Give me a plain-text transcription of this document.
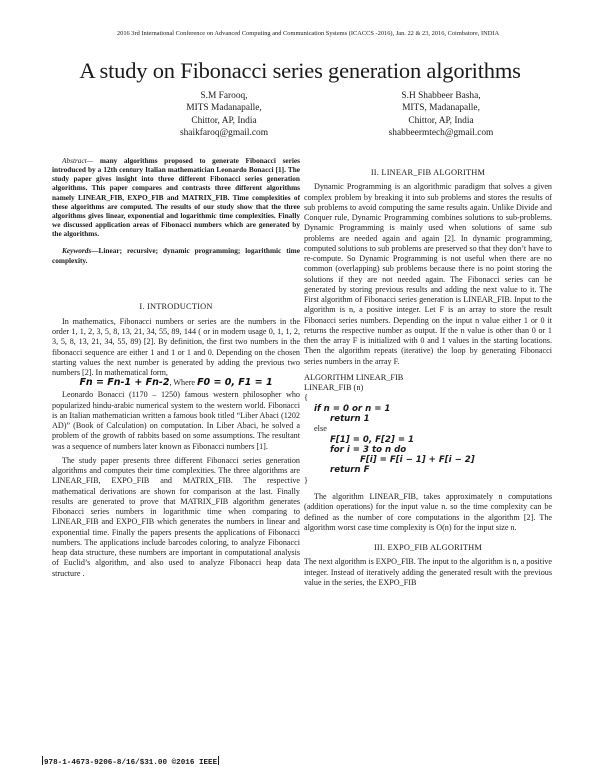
2016 3rd International Conference on Advanced Computing and Communication Systems (ICACCS -2016), Jan. 22 & 23, 2016, Coimbatore, INDIA
A study on Fibonacci series generation algorithms
S.M Farooq,
MITS Madanapalle,
Chittor, AP, India
shaikfaroq@gmail.com
S.H Shabbeer Basha,
MITS, Madanapalle,
Chittor, AP, India
shabbeermtech@gmail.com

Abstract— many algorithms proposed to generate Fibonacci series introduced by a 12th century Italian mathematician Leonardo Bonacci [1]. The study paper gives insight into three different Fibonacci series generation algorithms. This paper compares and contrasts three different algorithms namely LINEAR_FIB, EXPO_FIB and MATRIX_FIB. Time complexities of these algorithms are computed. The results of our study show that the three algorithms gives linear, exponential and logarithmic time complexities. Finally we discussed application areas of Fibonacci numbers which are generated by the algorithms.

Keywords—Linear; recursive; dynamic programming; logarithmic time complexity.

I. INTRODUCTION

In mathematics, Fibonacci numbers or series are the numbers in the order 1, 1, 2, 3, 5, 8, 13, 21, 34, 55, 89, 144 ( or in modern usage 0, 1, 1, 2, 3, 5, 8, 13, 21, 34, 55, 89) [2]. By definition, the first two numbers in the fibonacci sequence are either 1 and 1 or 1 and 0. Depending on the chosen starting values the next number is generated by adding the previous two numbers [2]. In mathematical form,

Fn = Fn-1 + Fn-2, Where F0 = 0, F1 = 1

Leonardo Bonacci (1170 – 1250) famous western philosopher who popularized hindu-arabic numerical system to the western world. Fibonacci is an Italian mathematician written a famous book titled “Liber Abaci (1202 AD)” (Book of Calculation) on computation. In Liber Abaci, he solved a problem of the growth of rabbits based on some assumptions. The resultant was a sequence of numbers later known as Fibonacci numbers [1].

The study paper presents three different Fibonacci series generation algorithms and computes their time complexities. The three algorithms are LINEAR_FIB, EXPO_FIB and MATRIX_FIB. The respective mathematical derivations are shown for comparison at the last. Finally results are generated to prove that MATRIX_FIB algorithm generates Fibonacci series numbers in logarithmic time when comparing to LINEAR_FIB and EXPO_FIB which generates the numbers in linear and exponential time. Finally the papers presents the applications of Fibonacci numbers. The applications include barcodes coloring, to analyze Fibonacci heap data structure, these numbers are important in computational analysis of Euclid’s algorithm, and also used to analyze Fibonacci heap data structure .

II. LINEAR_FIB ALGORITHM

Dynamic Programming is an algorithmic paradigm that solves a given complex problem by breaking it into sub problems and stores the results of sub problems to avoid computing the same results again. Unlike Divide and Conquer rule, Dynamic Programming combines solutions to sub-problems. Dynamic Programming is mainly used when solutions of same sub problems are needed again and again [2]. In dynamic programming, computed solutions to sub problems are preserved so that they don’t have to re-compute. So Dynamic Programming is not useful when there are no common (overlapping) sub problems because there is no point storing the solutions if they are not needed again. The Fibonacci series can be generated by storing previous results and adding the next value to it. The First algorithm of Fibonacci series generation is LINEAR_FIB. Input to the algorithm is n, a positive integer. Let F is an array to store the result Fibonacci series numbers. Depending on the input n value either 1 or 0 it returns the respective number as output. If the n value is other than 0 or 1 then the array F is initialized with 0 and 1 values in the starting locations. Then the algorithm repeats (iterative) the loop by generating Fibonacci series numbers in the array F.

ALGORITHM LINEAR_FIB

LINEAR_FIB (n)

{

if n = 0 or n = 1

return 1

else

F[1] = 0, F[2] = 1

for i = 3 to n do

F[i] = F[i − 1] + F[i − 2]

return F

}

The algorithm LINEAR_FIB, takes approximately n computations (addition operations) for the input value n. so the time complexity can be defined as the number of core computations in the algorithm [2]. The algorithm worst case time complexity is O(n) for the input size n.

III. EXPO_FIB ALGORITHM

The next algorithm is EXPO_FIB. The input to the algorithm is n, a positive integer. Instead of iteratively adding the generated result with the previous value in the series, the EXPO_FIB

978-1-4673-9206-8/16/$31.00 ©2016 IEEE
